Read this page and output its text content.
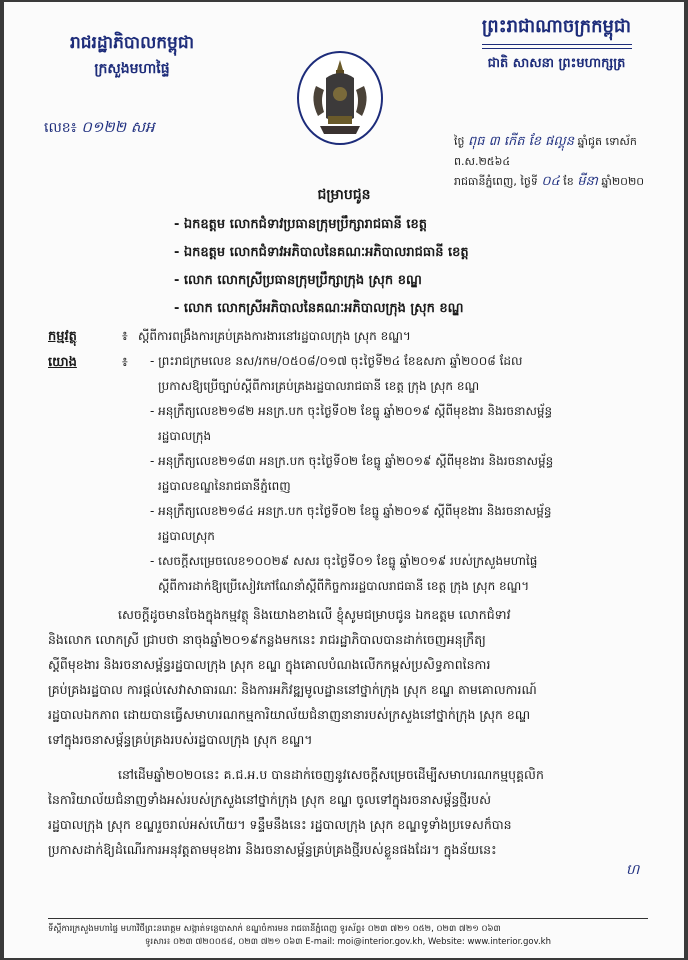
រាជរដ្ឋាភិបាលកម្ពុជា
ក្រសួងមហាផ្ទៃ
លេខ៖ ០១២២ សអ
ព្រះរាជាណាចក្រកម្ពុជា
ជាតិ សាសនា ព្រះមហាក្សត្រ
ថ្ងៃ ពុធ ៣ កើត ខែ ផល្គុន ឆ្នាំជូត ទោស័ក ព.ស.២៥៦៤
រាជធានីភ្នំពេញ, ថ្ងៃទី ០៤ ខែ មីនា ឆ្នាំ២០២០
ជម្រាបជូន
- ឯកឧត្តម លោកជំទាវប្រធានក្រុមប្រឹក្សារាជធានី ខេត្ត
- ឯកឧត្តម លោកជំទាវអភិបាលនៃគណៈអភិបាលរាជធានី ខេត្ត
- លោក លោកស្រីប្រធានក្រុមប្រឹក្សាក្រុង ស្រុក ខណ្ឌ
- លោក លោកស្រីអភិបាលនៃគណៈអភិបាលក្រុង ស្រុក ខណ្ឌ
កម្មវត្ថុ	៖ ស្តីពីការពង្រឹងការគ្រប់គ្រងការងារនៅរដ្ឋបាលក្រុង ស្រុក ខណ្ឌ។
យោង	៖ - ព្រះរាជក្រមលេខ នស/រកម/០៥០៨/០១៧ ចុះថ្ងៃទី២៤ ខែឧសភា ឆ្នាំ២០០៨ ដែល
ប្រកាសឱ្យប្រើច្បាប់ស្តីពីការគ្រប់គ្រងរដ្ឋបាលរាជធានី ខេត្ត ក្រុង ស្រុក ខណ្ឌ
- អនុក្រឹត្យលេខ២១៨២ អនក្រ.បក ចុះថ្ងៃទី០២ ខែធ្នូ ឆ្នាំ២០១៩ ស្តីពីមុខងារ និងរចនាសម្ព័ន្ធ
រដ្ឋបាលក្រុង
- អនុក្រឹត្យលេខ២១៨៣ អនក្រ.បក ចុះថ្ងៃទី០២ ខែធ្នូ ឆ្នាំ២០១៩ ស្តីពីមុខងារ និងរចនាសម្ព័ន្ធ
រដ្ឋបាលខណ្ឌនៃរាជធានីភ្នំពេញ
- អនុក្រឹត្យលេខ២១៨៤ អនក្រ.បក ចុះថ្ងៃទី០២ ខែធ្នូ ឆ្នាំ២០១៩ ស្តីពីមុខងារ និងរចនាសម្ព័ន្ធ
រដ្ឋបាលស្រុក
- សេចក្តីសម្រេចលេខ១០០២៩ សសរ ចុះថ្ងៃទី០១ ខែធ្នូ ឆ្នាំ២០១៩ របស់ក្រសួងមហាផ្ទៃ
ស្តីពីការដាក់ឱ្យប្រើសៀវភៅណែនាំស្តីពីកិច្ចការរដ្ឋបាលរាជធានី ខេត្ត ក្រុង ស្រុក ខណ្ឌ។
សេចក្តីដូចមានចែងក្នុងកម្មវត្ថុ និងយោងខាងលើ ខ្ញុំសូមជម្រាបជូន ឯកឧត្តម លោកជំទាវ
និងលោក លោកស្រី ជ្រាបថា នាចុងឆ្នាំ២០១៩កន្លងមកនេះ រាជរដ្ឋាភិបាលបានដាក់ចេញអនុក្រឹត្យ
ស្តីពីមុខងារ និងរចនាសម្ព័ន្ធរដ្ឋបាលក្រុង ស្រុក ខណ្ឌ ក្នុងគោលបំណងលើកកម្ពស់ប្រសិទ្ធភាពនៃការ
គ្រប់គ្រងរដ្ឋបាល ការផ្តល់សេវាសាធារណៈ និងការអភិវឌ្ឍមូលដ្ឋាននៅថ្នាក់ក្រុង ស្រុក ខណ្ឌ តាមគោលការណ៍
រដ្ឋបាលឯកភាព ដោយបានធ្វើសមាហរណកម្មការិយាល័យជំនាញនានារបស់ក្រសួងនៅថ្នាក់ក្រុង ស្រុក ខណ្ឌ
ទៅក្នុងរចនាសម្ព័ន្ធគ្រប់គ្រងរបស់រដ្ឋបាលក្រុង ស្រុក ខណ្ឌ។
នៅដើមឆ្នាំ២០២០នេះ គ.ជ.អ.ប បានដាក់ចេញនូវសេចក្តីសម្រេចដើម្បីសមាហរណកម្មបុគ្គលិក
នៃការិយាល័យជំនាញទាំងអស់របស់ក្រសួងនៅថ្នាក់ក្រុង ស្រុក ខណ្ឌ ចូលទៅក្នុងរចនាសម្ព័ន្ធថ្មីរបស់
រដ្ឋបាលក្រុង ស្រុក ខណ្ឌរួចរាល់អស់ហើយ។ ទន្ទឹមនឹងនេះ រដ្ឋបាលក្រុង ស្រុក ខណ្ឌទូទាំងប្រទេសក៏បាន
ប្រកាសដាក់ឱ្យដំណើរការអនុវត្តតាមមុខងារ និងរចនាសម្ព័ន្ធគ្រប់គ្រងថ្មីរបស់ខ្លួនផងដែរ។ ក្នុងន័យនេះ
ហ
ទីស្តីការក្រសួងមហាផ្ទៃ មហាវិថីព្រះនរោត្តម សង្កាត់ទន្លេបាសាក់ ខណ្ឌចំការមន រាជធានីភ្នំពេញ ទូរស័ព្ទ៖ ០២៣ ៧២១ ០៥២, ០២៣ ៧២១ ០៦៣
ទូរសារ៖ ០២៣ ៧២០០៥៨, ០២៣ ៧២១ ០៦៣ E-mail: moi@interior.gov.kh, Website: www.interior.gov.kh
